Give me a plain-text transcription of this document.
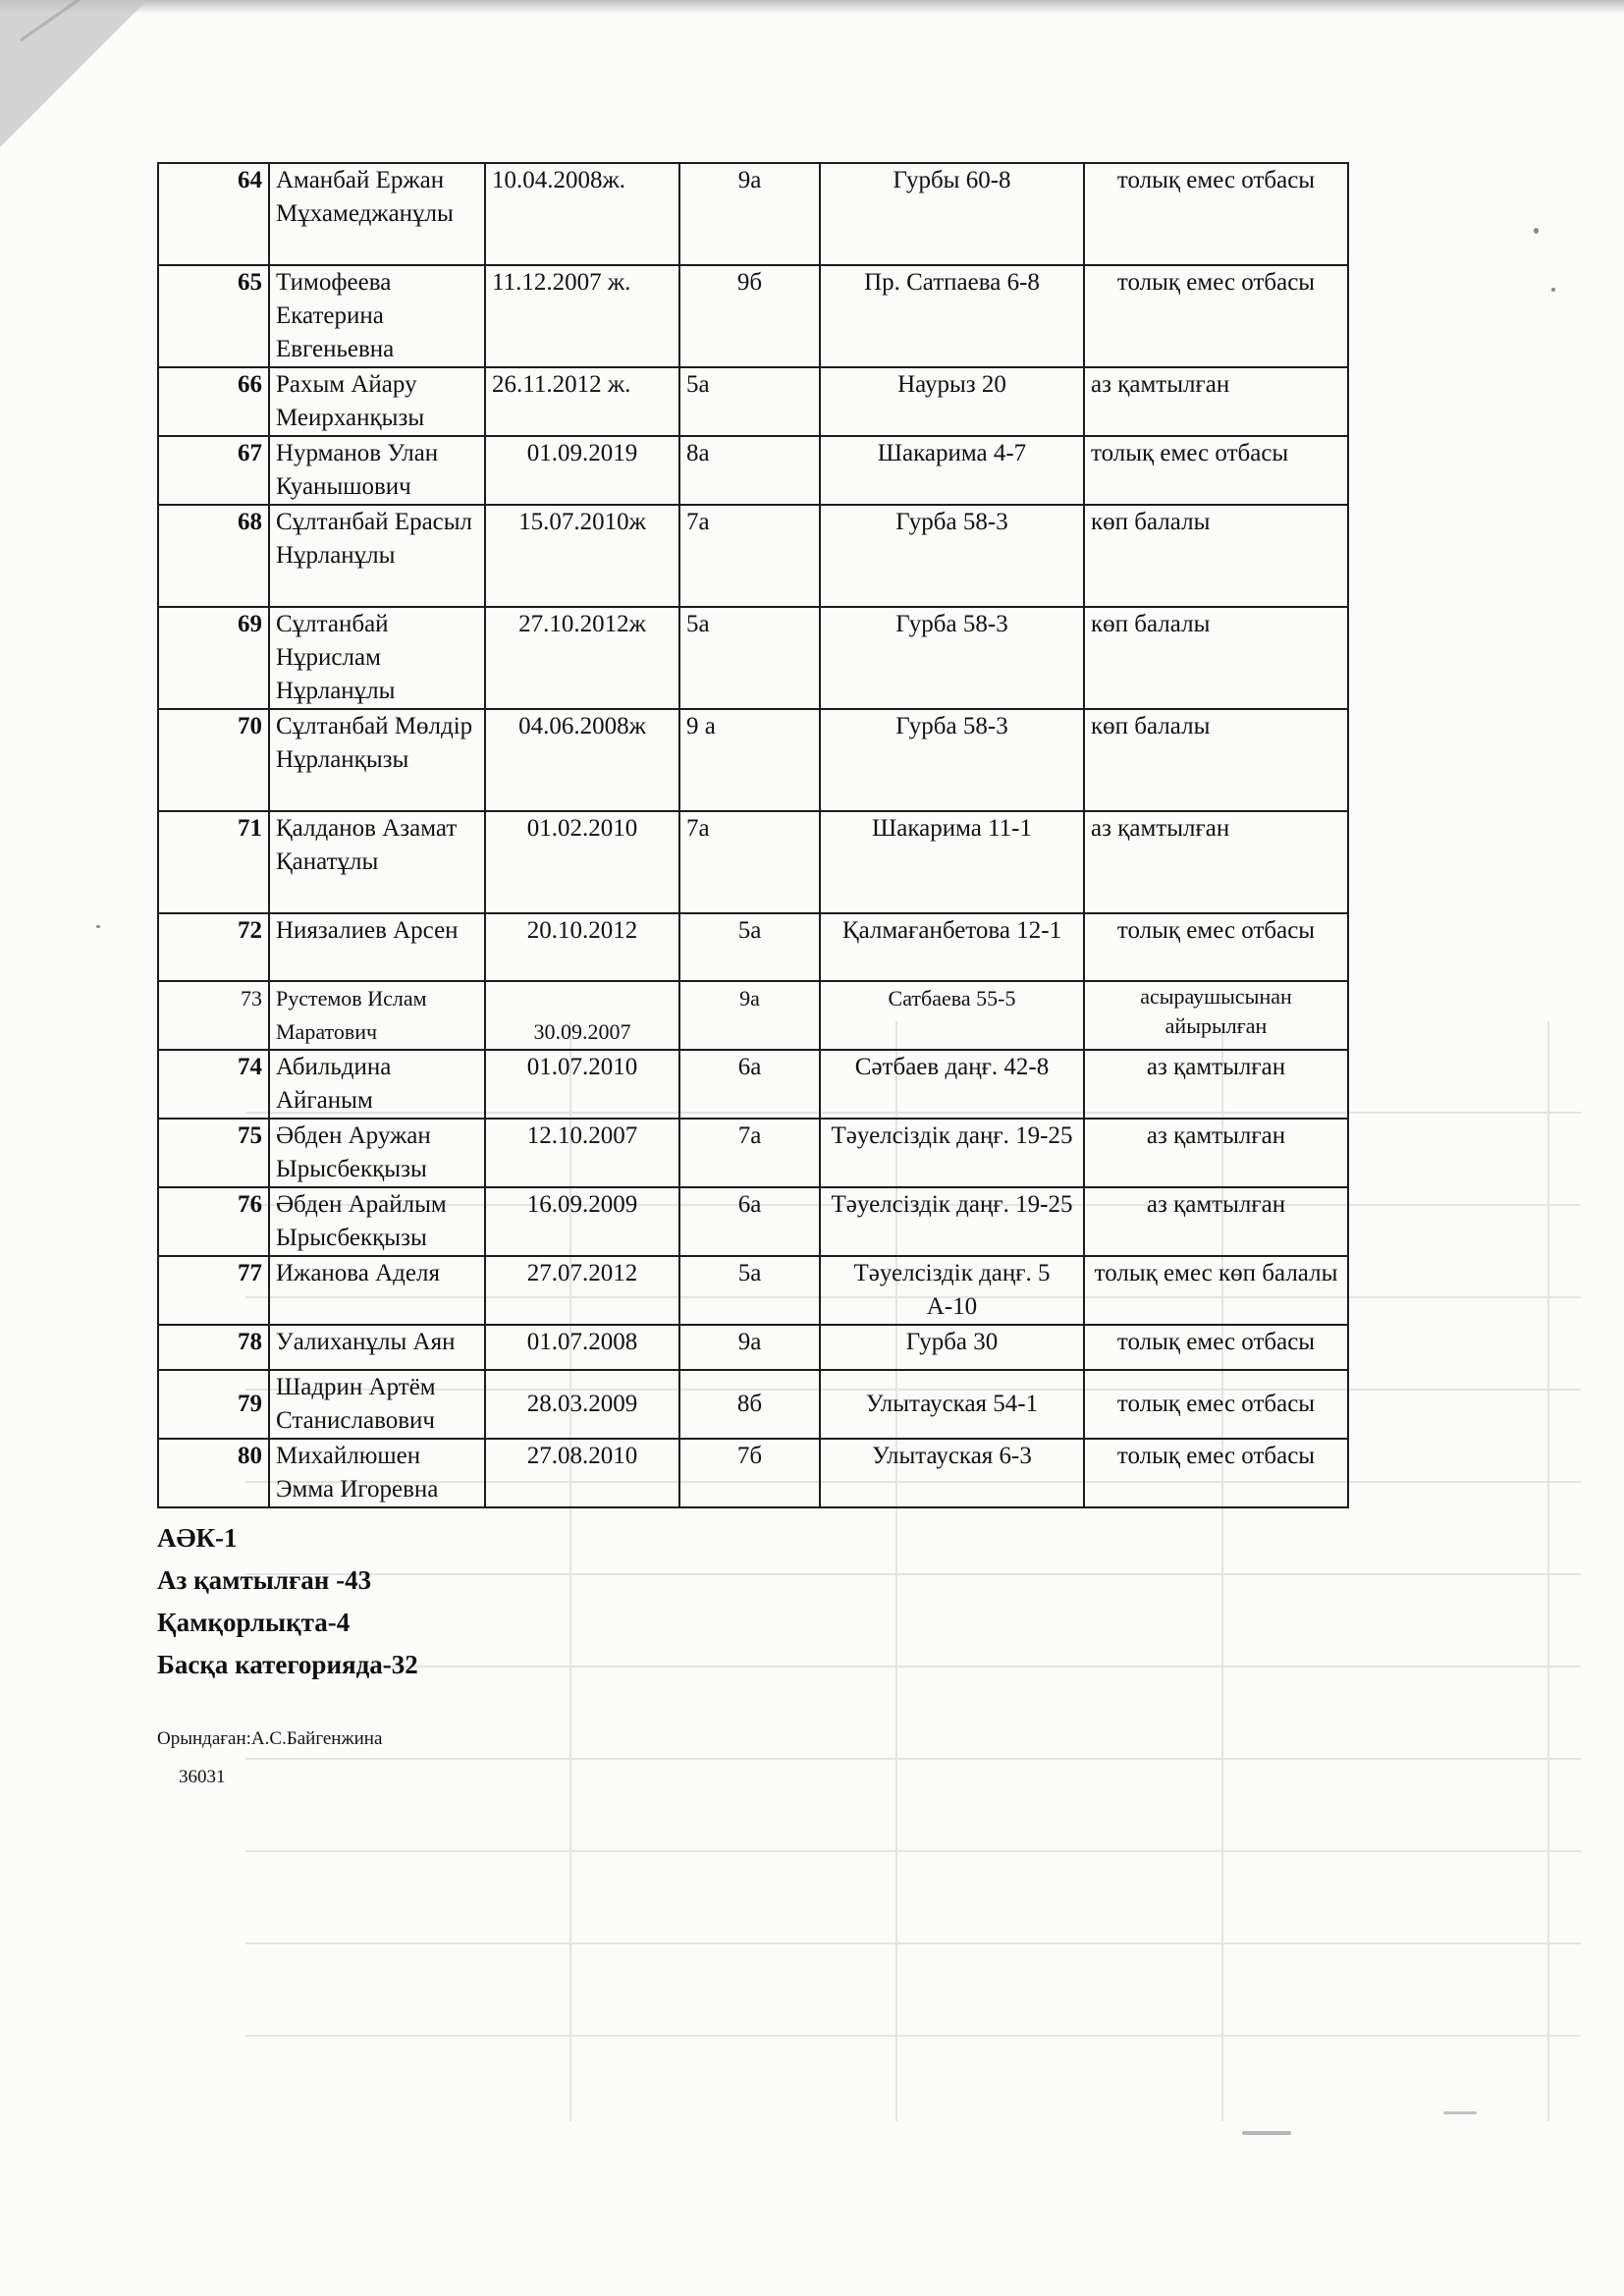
64	Аманбай Ержан Мұхамеджанұлы	10.04.2008ж.	9а	Гурбы 60-8	толық емес отбасы
65	Тимофеева Екатерина Евгеньевна	11.12.2007 ж.	9б	Пр. Сатпаева 6-8	толық емес отбасы
66	Рахым Айару Меирханқызы	26.11.2012 ж.	5а	Наурыз 20	аз қамтылған
67	Нурманов Улан Куанышович	01.09.2019	8а	Шакарима 4-7	толық емес отбасы
68	Сұлтанбай Ерасыл Нұрланұлы	15.07.2010ж	7а	Гурба 58-3	көп балалы
69	Сұлтанбай Нұрислам Нұрланұлы	27.10.2012ж	5а	Гурба 58-3	көп балалы
70	Сұлтанбай Мөлдір Нұрланқызы	04.06.2008ж	9 а	Гурба 58-3	көп балалы
71	Қалданов Азамат Қанатұлы	01.02.2010	7а	Шакарима 11-1	аз қамтылған
72	Ниязалиев Арсен	20.10.2012	5а	Қалмағанбетова 12-1	толық емес отбасы
73	Рустемов Ислам Маратович	30.09.2007	9а	Сатбаева 55-5	асыраушысынан айырылған
74	Абильдина Айганым	01.07.2010	6а	Сәтбаев даңғ. 42-8	аз қамтылған
75	Әбден Аружан Ырысбекқызы	12.10.2007	7а	Тәуелсіздік даңғ. 19-25	аз қамтылған
76	Әбден Арайлым Ырысбекқызы	16.09.2009	6а	Тәуелсіздік даңғ. 19-25	аз қамтылған
77	Ижанова Аделя	27.07.2012	5а	Тәуелсіздік даңғ. 5 А-10	толық емес көп балалы
78	Уалиханұлы Аян	01.07.2008	9а	Гурба 30	толық емес отбасы
79	Шадрин Артём Станиславович	28.03.2009	8б	Улытауская 54-1	толық емес отбасы
80	Михайлюшен Эмма Игоревна	27.08.2010	7б	Улытауская 6-3	толық емес отбасы
АӘК-1
Аз қамтылған -43
Қамқорлықта-4
Басқа категорияда-32
Орындаған:А.С.Байгенжина
36031
